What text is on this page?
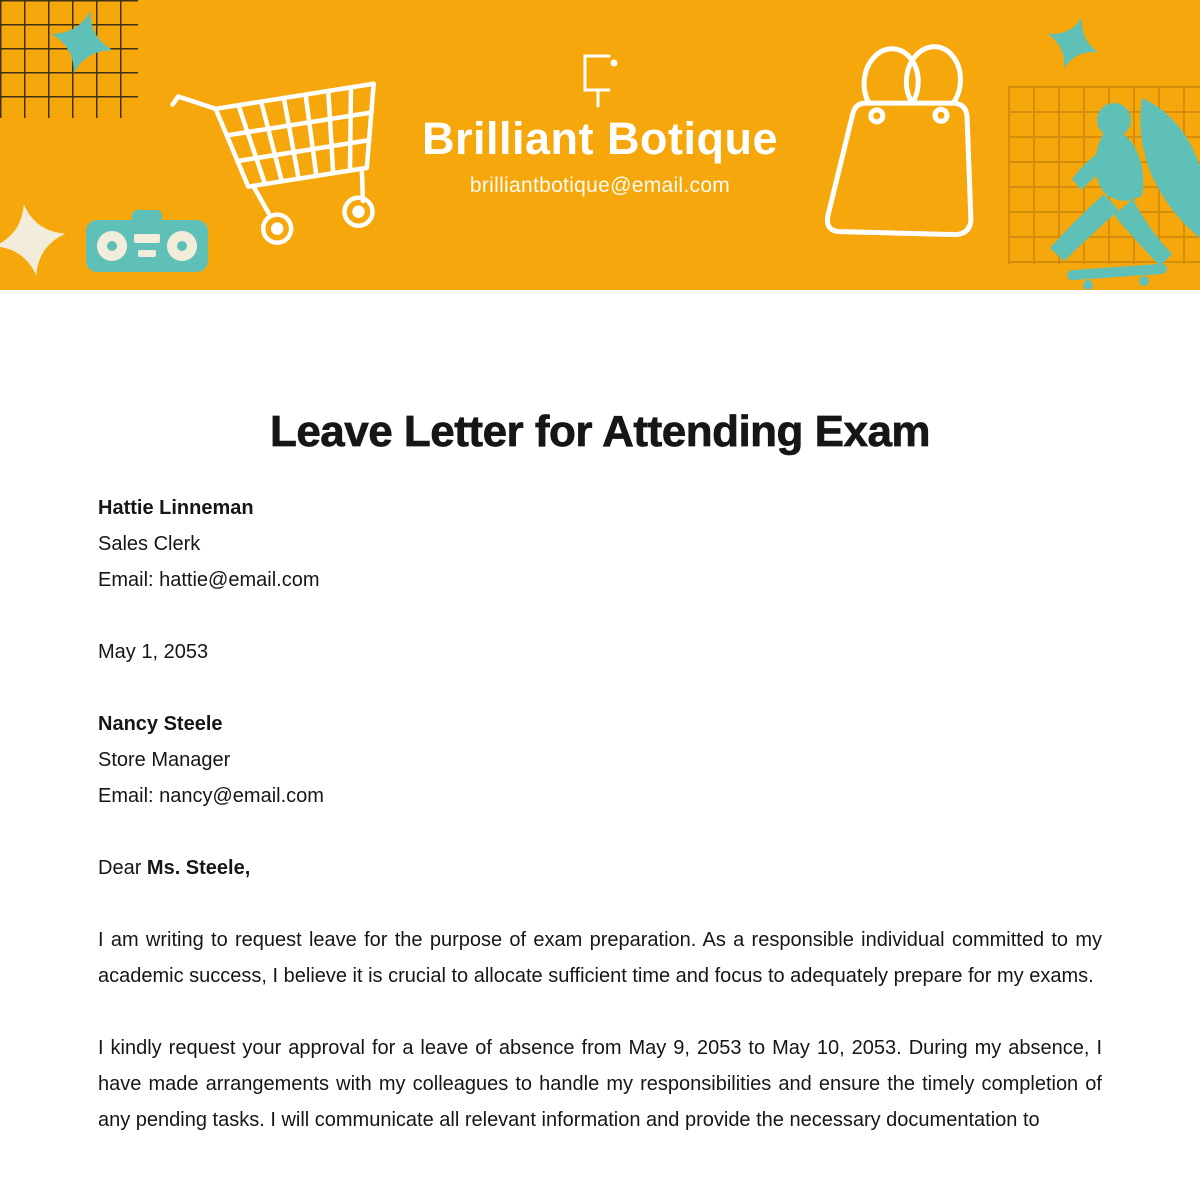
Brilliant Botique
brilliantbotique@email.com
Leave Letter for Attending Exam
Hattie Linneman
Sales Clerk
Email: hattie@email.com
May 1, 2053
Nancy Steele
Store Manager
Email: nancy@email.com
Dear Ms. Steele,

I am writing to request leave for the purpose of exam preparation. As a responsible individual committed to my academic success, I believe it is crucial to allocate sufficient time and focus to adequately prepare for my exams.

I kindly request your approval for a leave of absence from May 9, 2053 to May 10, 2053. During my absence, I have made arrangements with my colleagues to handle my responsibilities and ensure the timely completion of any pending tasks. I will communicate all relevant information and provide the necessary documentation to
